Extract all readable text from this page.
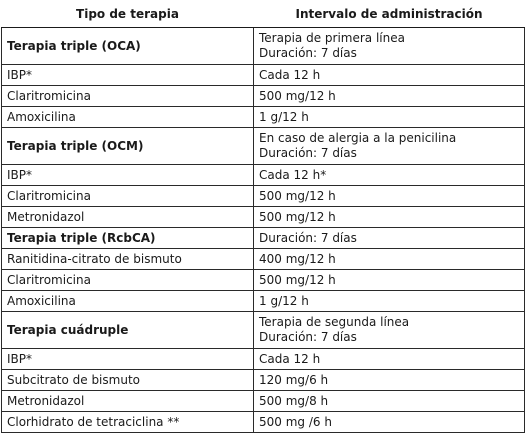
Tipo de terapia	Intervalo de administración
Terapia triple (OCA)	Terapia de primera línea
Duración: 7 días

IBP*	Cada 12 h

Claritromicina	500 mg/12 h

Amoxicilina	1 g/12 h

Terapia triple (OCM)	En caso de alergia a la penicilina
Duración: 7 días

IBP*	Cada 12 h*

Claritromicina	500 mg/12 h

Metronidazol	500 mg/12 h

Terapia triple (RcbCA)	Duración: 7 días

Ranitidina-citrato de bismuto	400 mg/12 h

Claritromicina	500 mg/12 h

Amoxicilina	1 g/12 h

Terapia cuádruple	Terapia de segunda línea
Duración: 7 días

IBP*	Cada 12 h

Subcitrato de bismuto	120 mg/6 h

Metronidazol	500 mg/8 h

Clorhidrato de tetraciclina **	500 mg /6 h
